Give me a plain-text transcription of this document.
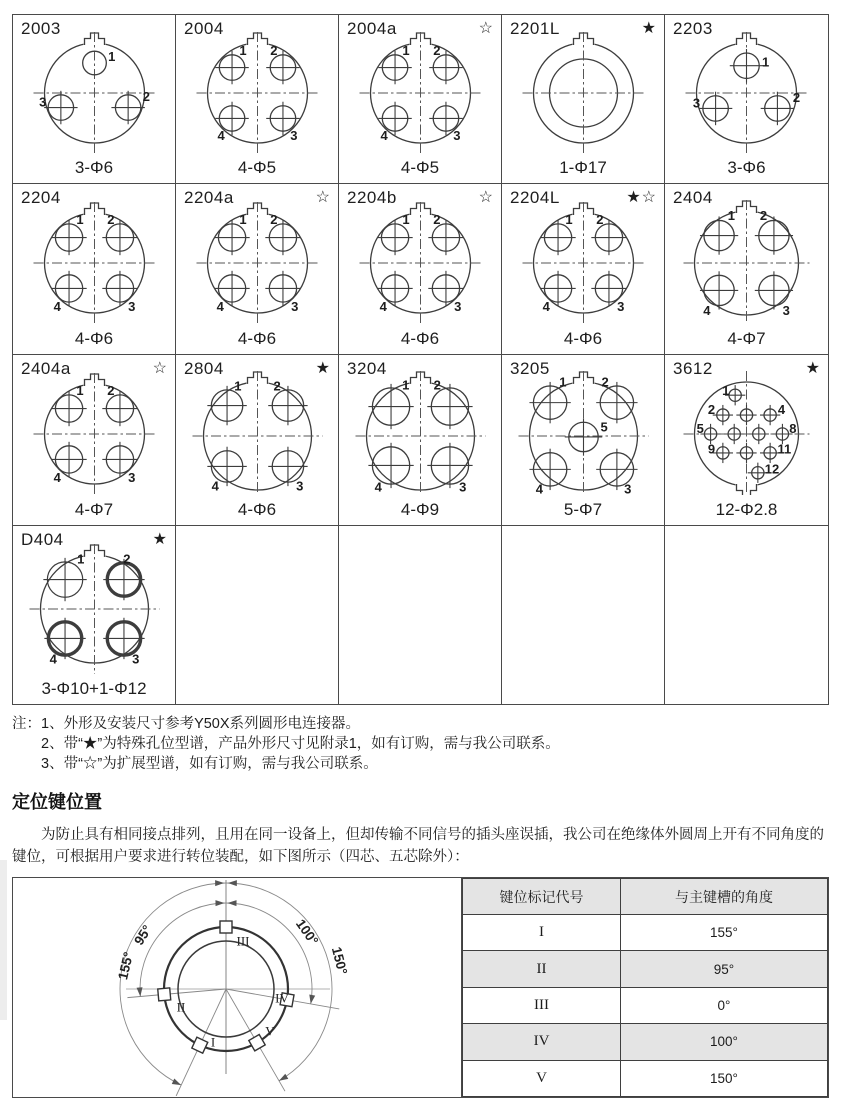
2003
1
2
3
3-Φ6
2004
1 2
3
4
4-Φ5
2004a	☆
1 2
3
4
4-Φ5
2201L	★
1-Φ17
2203
1
2
3
3-Φ6
2204
1 2
3
4
4-Φ6
2204a	☆
1 2
3
4
4-Φ6
2204b	☆
1 2
3
4
4-Φ6
2204L	★☆
1 2
3
4
4-Φ6
2404
1 2
3
4
4-Φ7
2404a	☆
1 2
3
4
4-Φ7
2804	★
1 2
3
4
4-Φ6
3204
1 2
3
4
4-Φ9
3205
1	2
5
3
4
5-Φ7
3612	★
1
2	4
5	8
9	11
12
12-Φ2.8
D404	★
1	2
3
4
3-Φ10+1-Φ12
注： 1、外形及安装尺寸参考Y50X系列圆形电连接器。
2、带“★”为特殊孔位型谱，产品外形尺寸见附录1，如有订购，需与我公司联系。
3、带“☆”为扩展型谱，如有订购，需与我公司联系。
定位键位置
为防止具有相同接点排列，且用在同一设备上，但却传输不同信号的插头座误插，我公司在绝缘体外圆周上开有不同角度的键位，可根据用户要求进行转位装配，如下图所示（四芯、五芯除外）：
III
II
IV
I
V
95°	100°
155°	150°
键位标记代号	与主键槽的角度
I	155°
II	95°
III	0°
IV	100°
V	150°
